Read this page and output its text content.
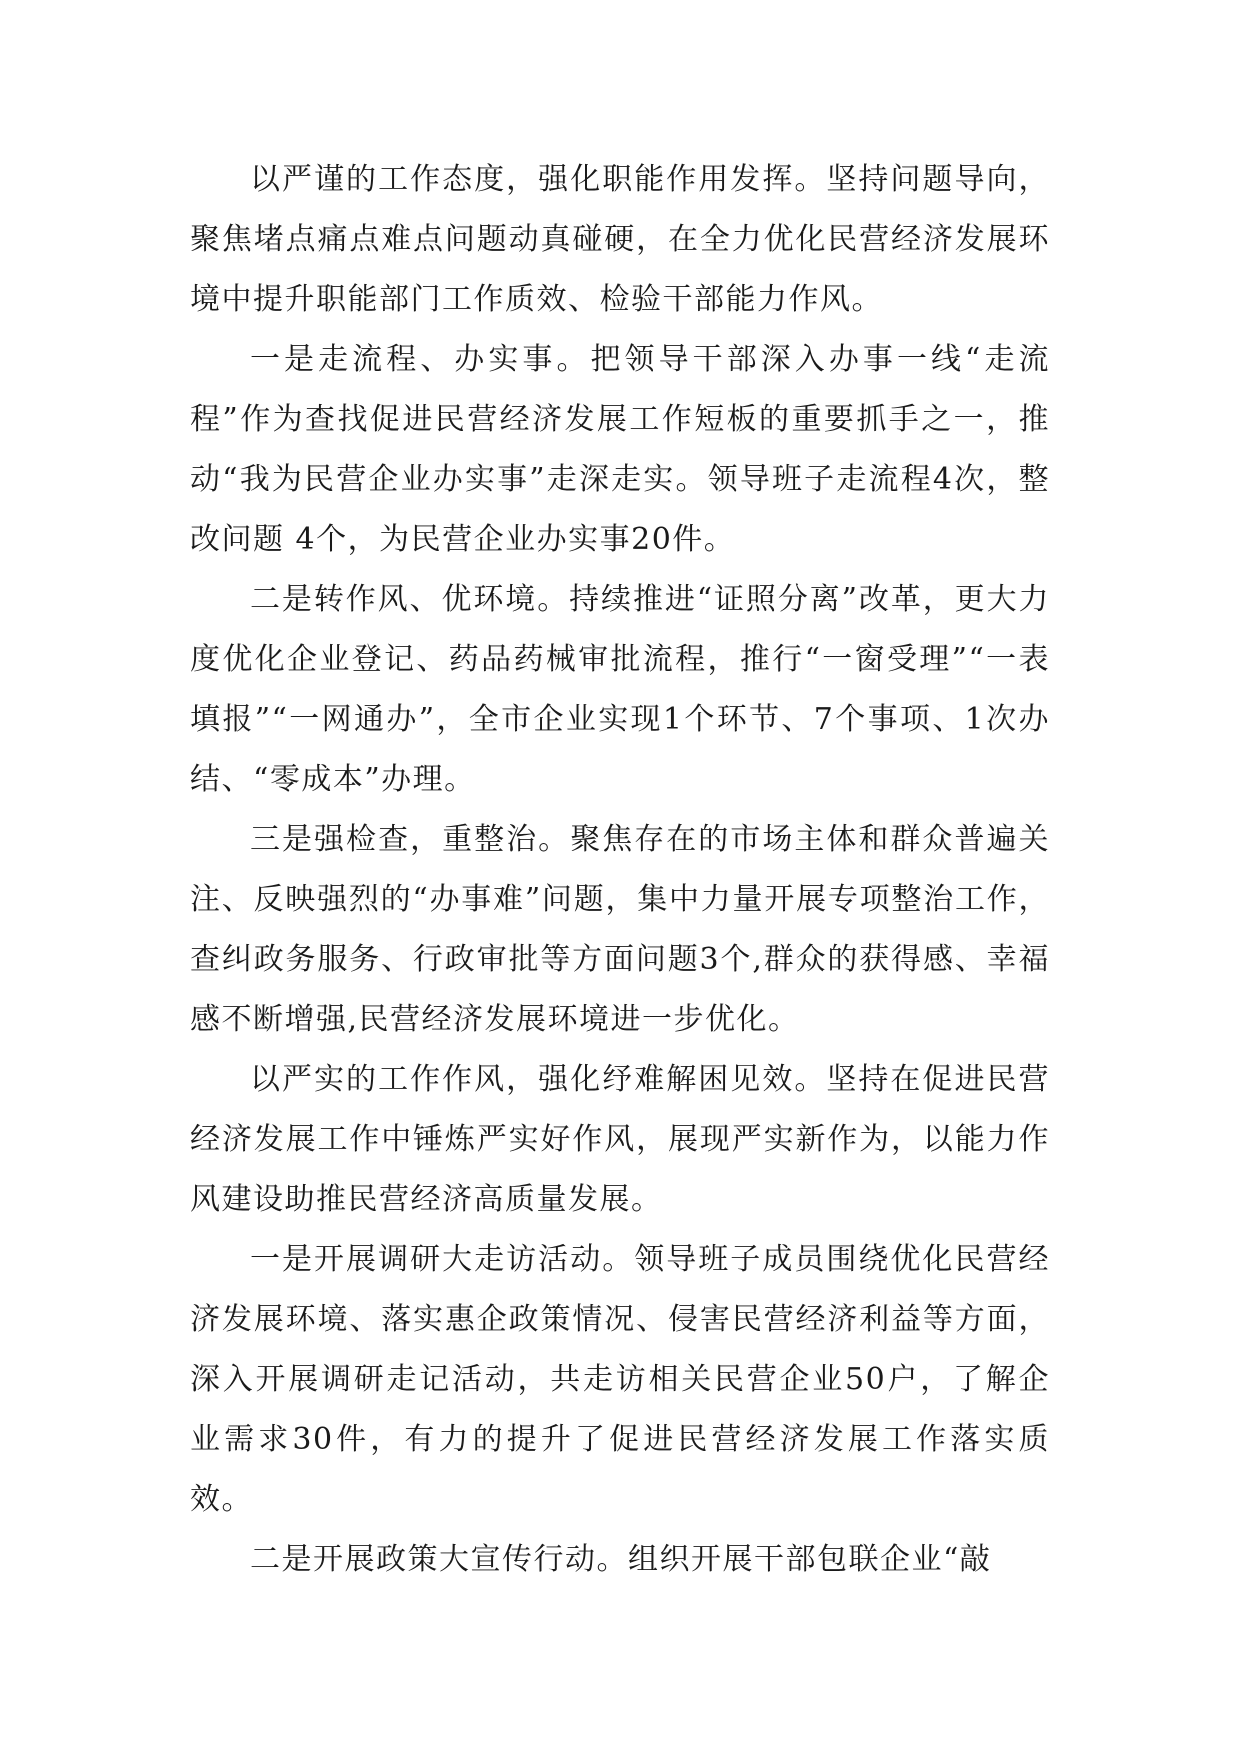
以严谨的工作态度，强化职能作用发挥。坚持问题导向，聚焦堵点痛点难点问题动真碰硬，在全力优化民营经济发展环境中提升职能部门工作质效、检验干部能力作风。

一是走流程、办实事。把领导干部深入办事一线“走流程”作为查找促进民营经济发展工作短板的重要抓手之一，推动“我为民营企业办实事”走深走实。领导班子走流程4次，整改问题 4个，为民营企业办实事20件。

二是转作风、优环境。持续推进“证照分离”改革，更大力度优化企业登记、药品药械审批流程，推行“一窗受理”“一表填报”“一网通办”，全市企业实现1个环节、7个事项、1次办结、“零成本”办理。

三是强检查，重整治。聚焦存在的市场主体和群众普遍关注、反映强烈的“办事难”问题，集中力量开展专项整治工作，查纠政务服务、行政审批等方面问题3个,群众的获得感、幸福感不断增强,民营经济发展环境进一步优化。

以严实的工作作风，强化纾难解困见效。坚持在促进民营经济发展工作中锤炼严实好作风，展现严实新作为，以能力作风建设助推民营经济高质量发展。

一是开展调研大走访活动。领导班子成员围绕优化民营经济发展环境、落实惠企政策情况、侵害民营经济利益等方面，深入开展调研走记活动，共走访相关民营企业50户，了解企业需求30件，有力的提升了促进民营经济发展工作落实质效。

二是开展政策大宣传行动。组织开展干部包联企业“敲
